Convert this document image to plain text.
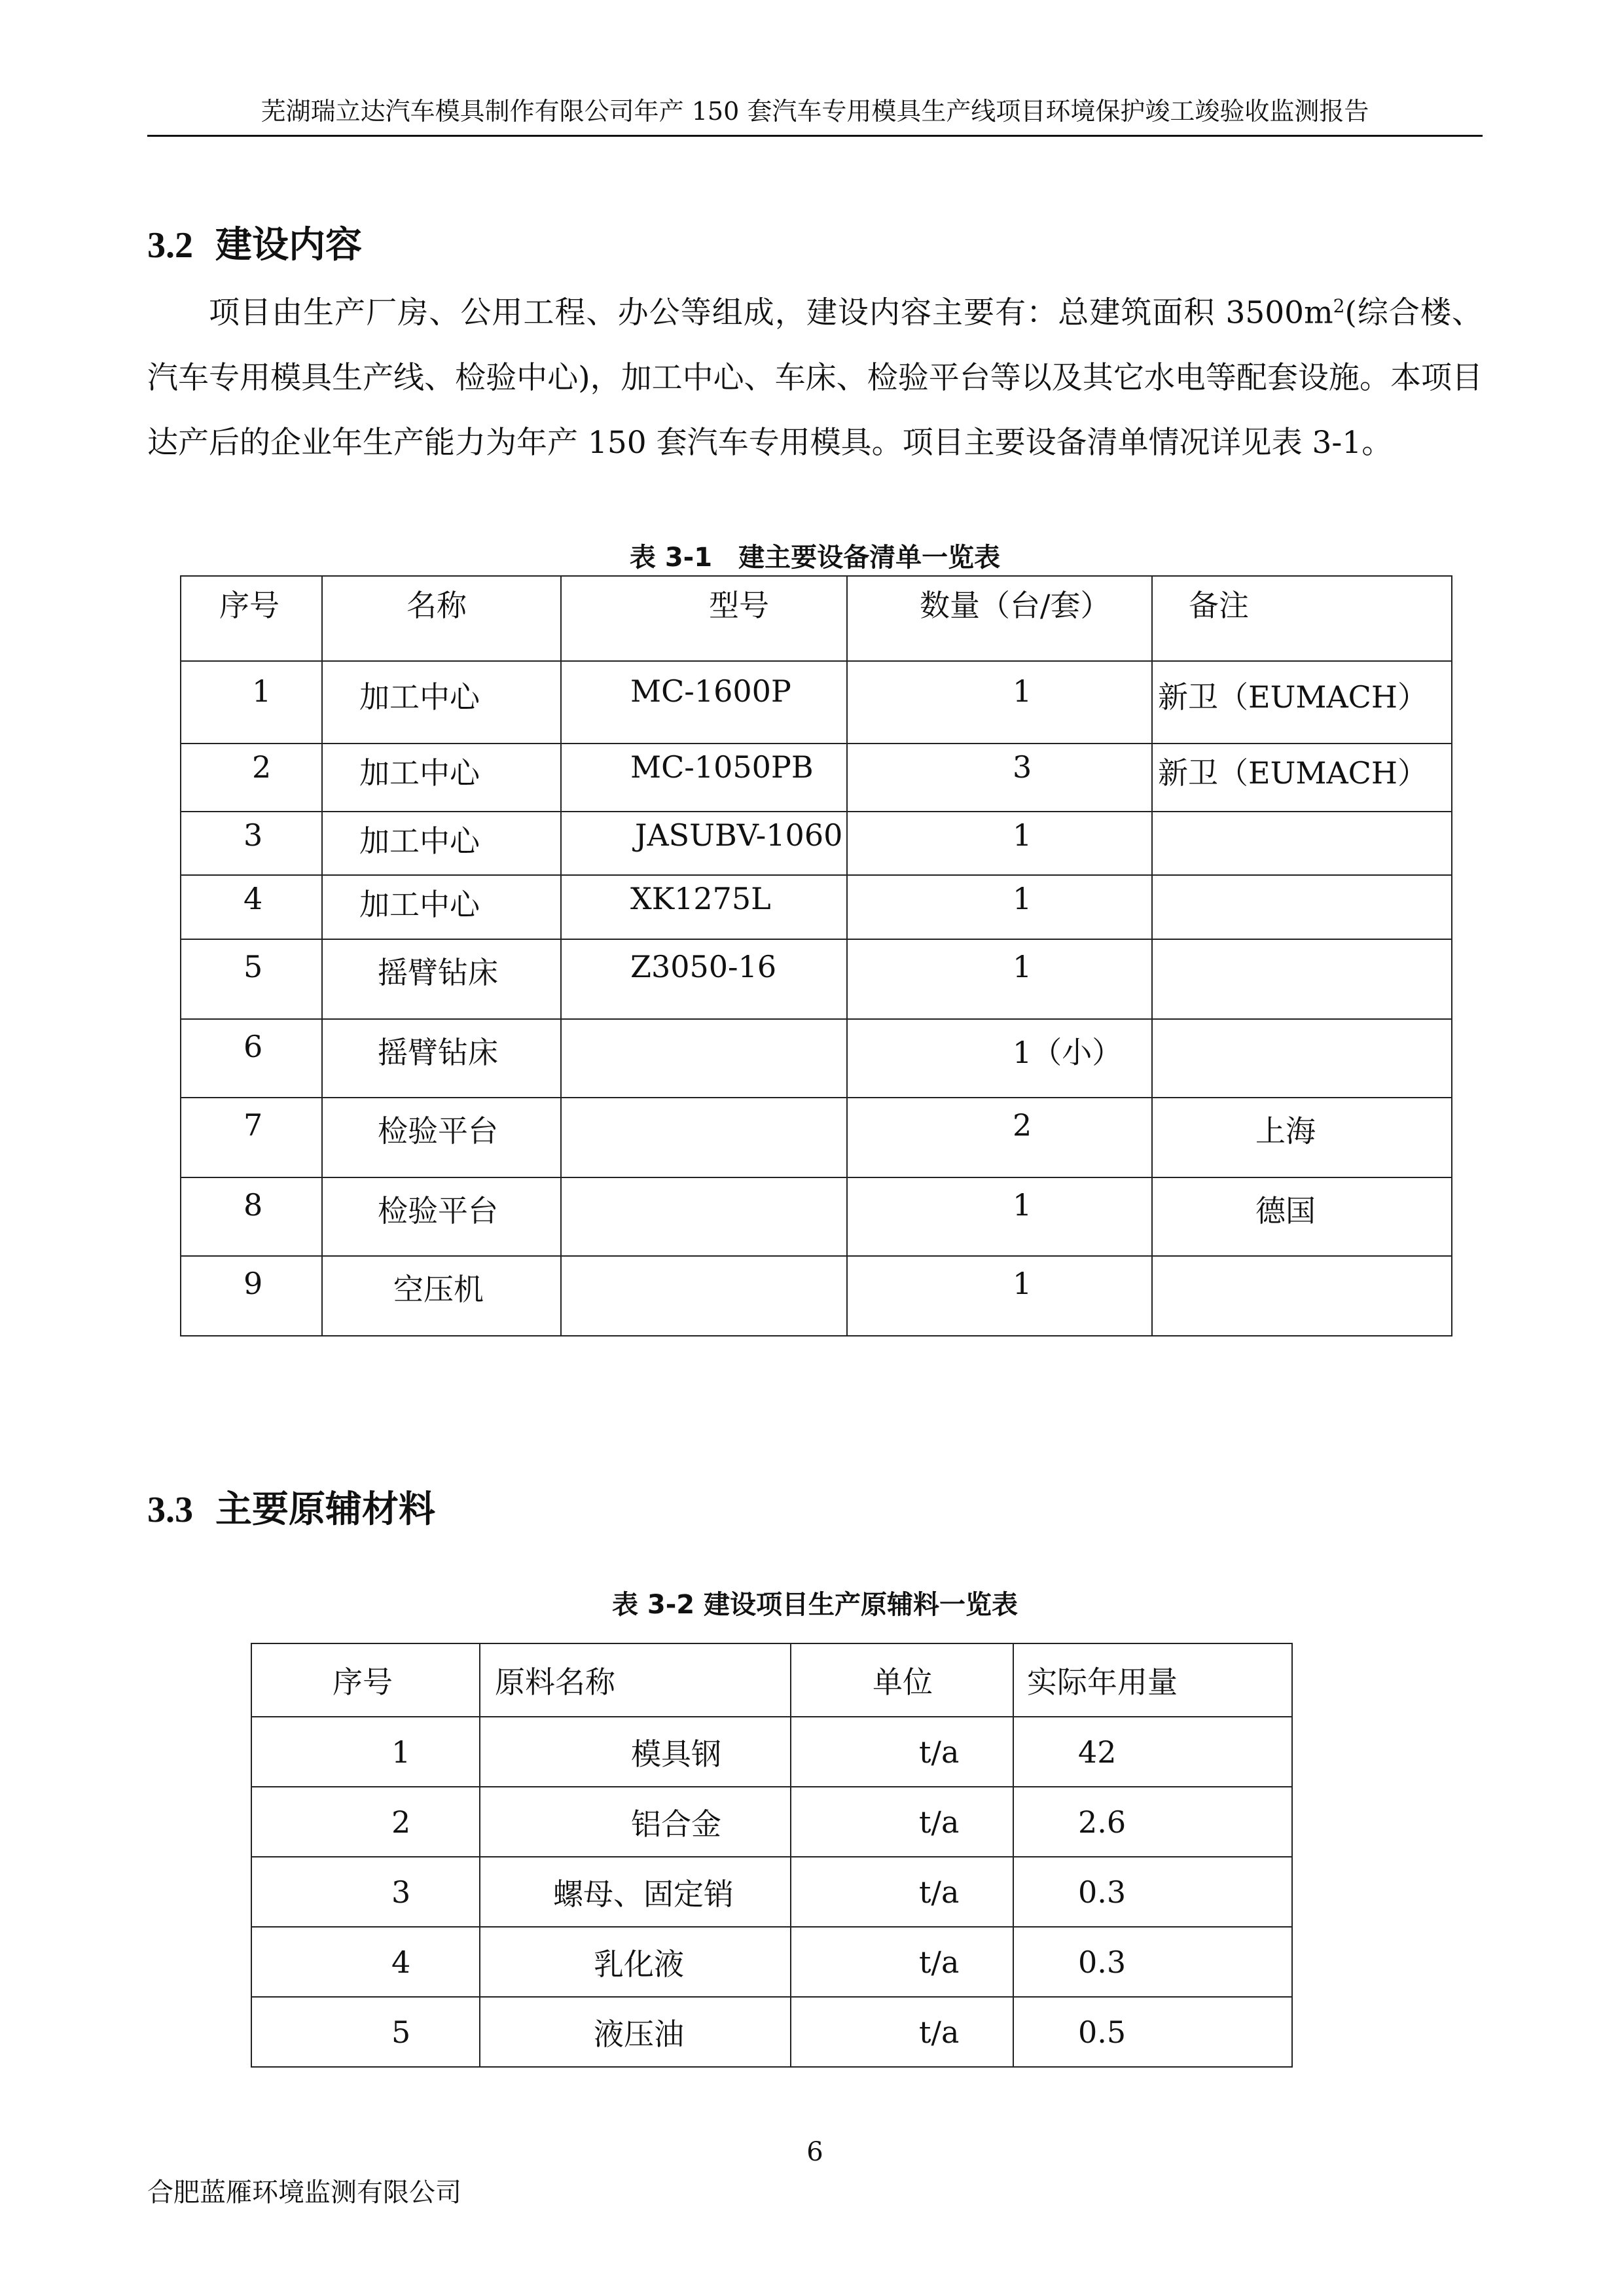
芜湖瑞立达汽车模具制作有限公司年产 150 套汽车专用模具生产线项目环境保护竣工竣验收监测报告
3.2 建设内容
项目由生产厂房、公用工程、办公等组成，建设内容主要有：总建筑面积 $3500m^2$(综合楼、汽车专用模具生产线、检验中心)，加工中心、车床、检验平台等以及其它水电等配套设施。本项目达产后的企业年生产能力为年产 150 套汽车专用模具。项目主要设备清单情况详见表 3-1。
表 3-1　建主要设备清单一览表
序号	名称	型号	数量（台/套）	备注

1	加工中心	MC-1600P	1	新卫（EUMACH）

2	加工中心	MC-1050PB	3	新卫（EUMACH）

3	加工中心	JASUBV-1060	1	

4	加工中心	XK1275L	1	

5	摇臂钻床	Z3050-16	1	

6	摇臂钻床		1（小）	

7	检验平台		2	上海

8	检验平台		1	德国

9	空压机		1	

3.3 主要原辅材料
表 3-2 建设项目生产原辅料一览表
序号	原料名称	单位	实际年用量

1	模具钢	t/a	42

2	铝合金	t/a	2.6

3	螺母、固定销	t/a	0.3

4	乳化液	t/a	0.3

5	液压油	t/a	0.5
6
合肥蓝雁环境监测有限公司
